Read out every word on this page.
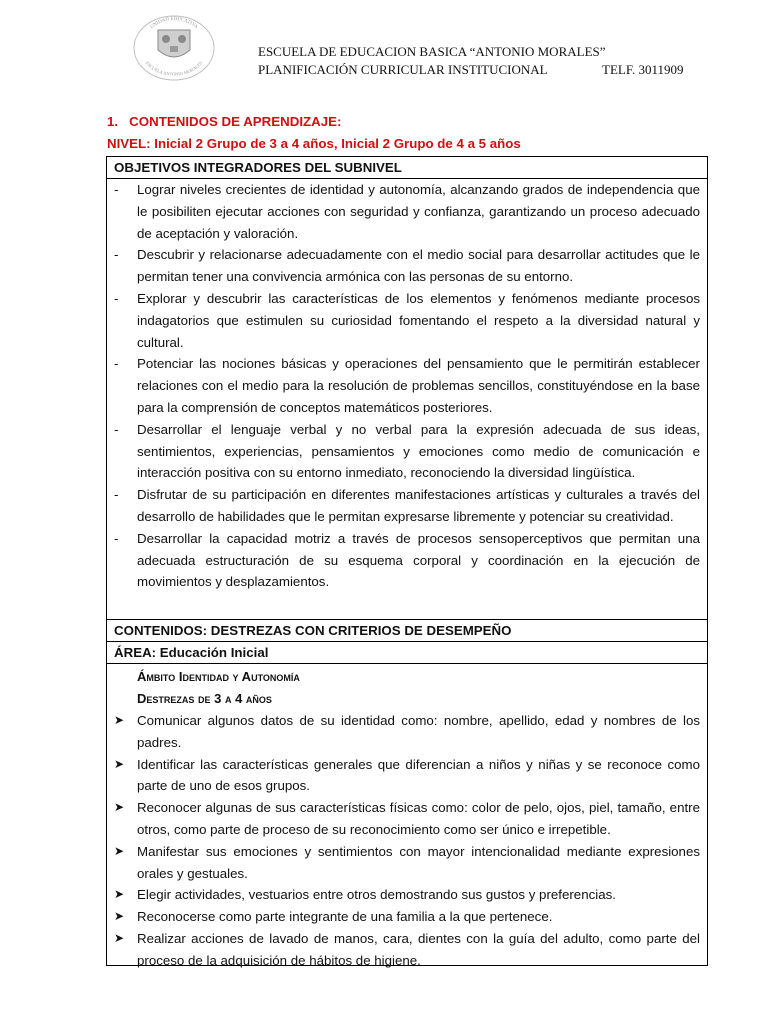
UNIDAD EDUCATIVA
ESCUELA ANTONIO MORALES
ESCUELA DE EDUCACION BASICA “ANTONIO MORALES”
PLANIFICACIÓN CURRICULAR INSTITUCIONAL	TELF. 3011909
1.   CONTENIDOS DE APRENDIZAJE:
NIVEL: Inicial 2 Grupo de 3 a 4 años, Inicial 2 Grupo de 4 a 5 años
OBJETIVOS INTEGRADORES DEL SUBNIVEL
- Lograr niveles crecientes de identidad y autonomía, alcanzando grados de independencia que le posibiliten ejecutar acciones con seguridad y confianza, garantizando un proceso adecuado de aceptación y valoración.
- Descubrir y relacionarse adecuadamente con el medio social para desarrollar actitudes que le permitan tener una convivencia armónica con las personas de su entorno.
- Explorar y descubrir las características de los elementos y fenómenos mediante procesos indagatorios que estimulen su curiosidad fomentando el respeto a la diversidad natural y cultural.
- Potenciar las nociones básicas y operaciones del pensamiento que le permitirán establecer relaciones con el medio para la resolución de problemas sencillos, constituyéndose en la base para la comprensión de conceptos matemáticos posteriores.
- Desarrollar el lenguaje verbal y no verbal para la expresión adecuada de sus ideas, sentimientos, experiencias, pensamientos y emociones como medio de comunicación e interacción positiva con su entorno inmediato, reconociendo la diversidad lingüística.
- Disfrutar de su participación en diferentes manifestaciones artísticas y culturales a través del desarrollo de habilidades que le permitan expresarse libremente y potenciar su creatividad.
- Desarrollar la capacidad motriz a través de procesos sensoperceptivos que permitan una adecuada estructuración de su esquema corporal y coordinación en la ejecución de movimientos y desplazamientos.
CONTENIDOS: DESTREZAS CON CRITERIOS DE DESEMPEÑO
ÁREA: Educación Inicial
Ámbito Identidad y Autonomía
Destrezas de 3 a 4 años
➤ Comunicar algunos datos de su identidad como: nombre, apellido, edad y nombres de los padres.
➤ Identificar las características generales que diferencian a niños y niñas y se reconoce como parte de uno de esos grupos.
➤ Reconocer algunas de sus características físicas como: color de pelo, ojos, piel, tamaño, entre otros, como parte de proceso de su reconocimiento como ser único e irrepetible.
➤ Manifestar sus emociones y sentimientos con mayor intencionalidad mediante expresiones orales y gestuales.
➤ Elegir actividades, vestuarios entre otros demostrando sus gustos y preferencias.
➤ Reconocerse como parte integrante de una familia a la que pertenece.
➤ Realizar acciones de lavado de manos, cara, dientes con la guía del adulto, como parte del proceso de la adquisición de hábitos de higiene.
